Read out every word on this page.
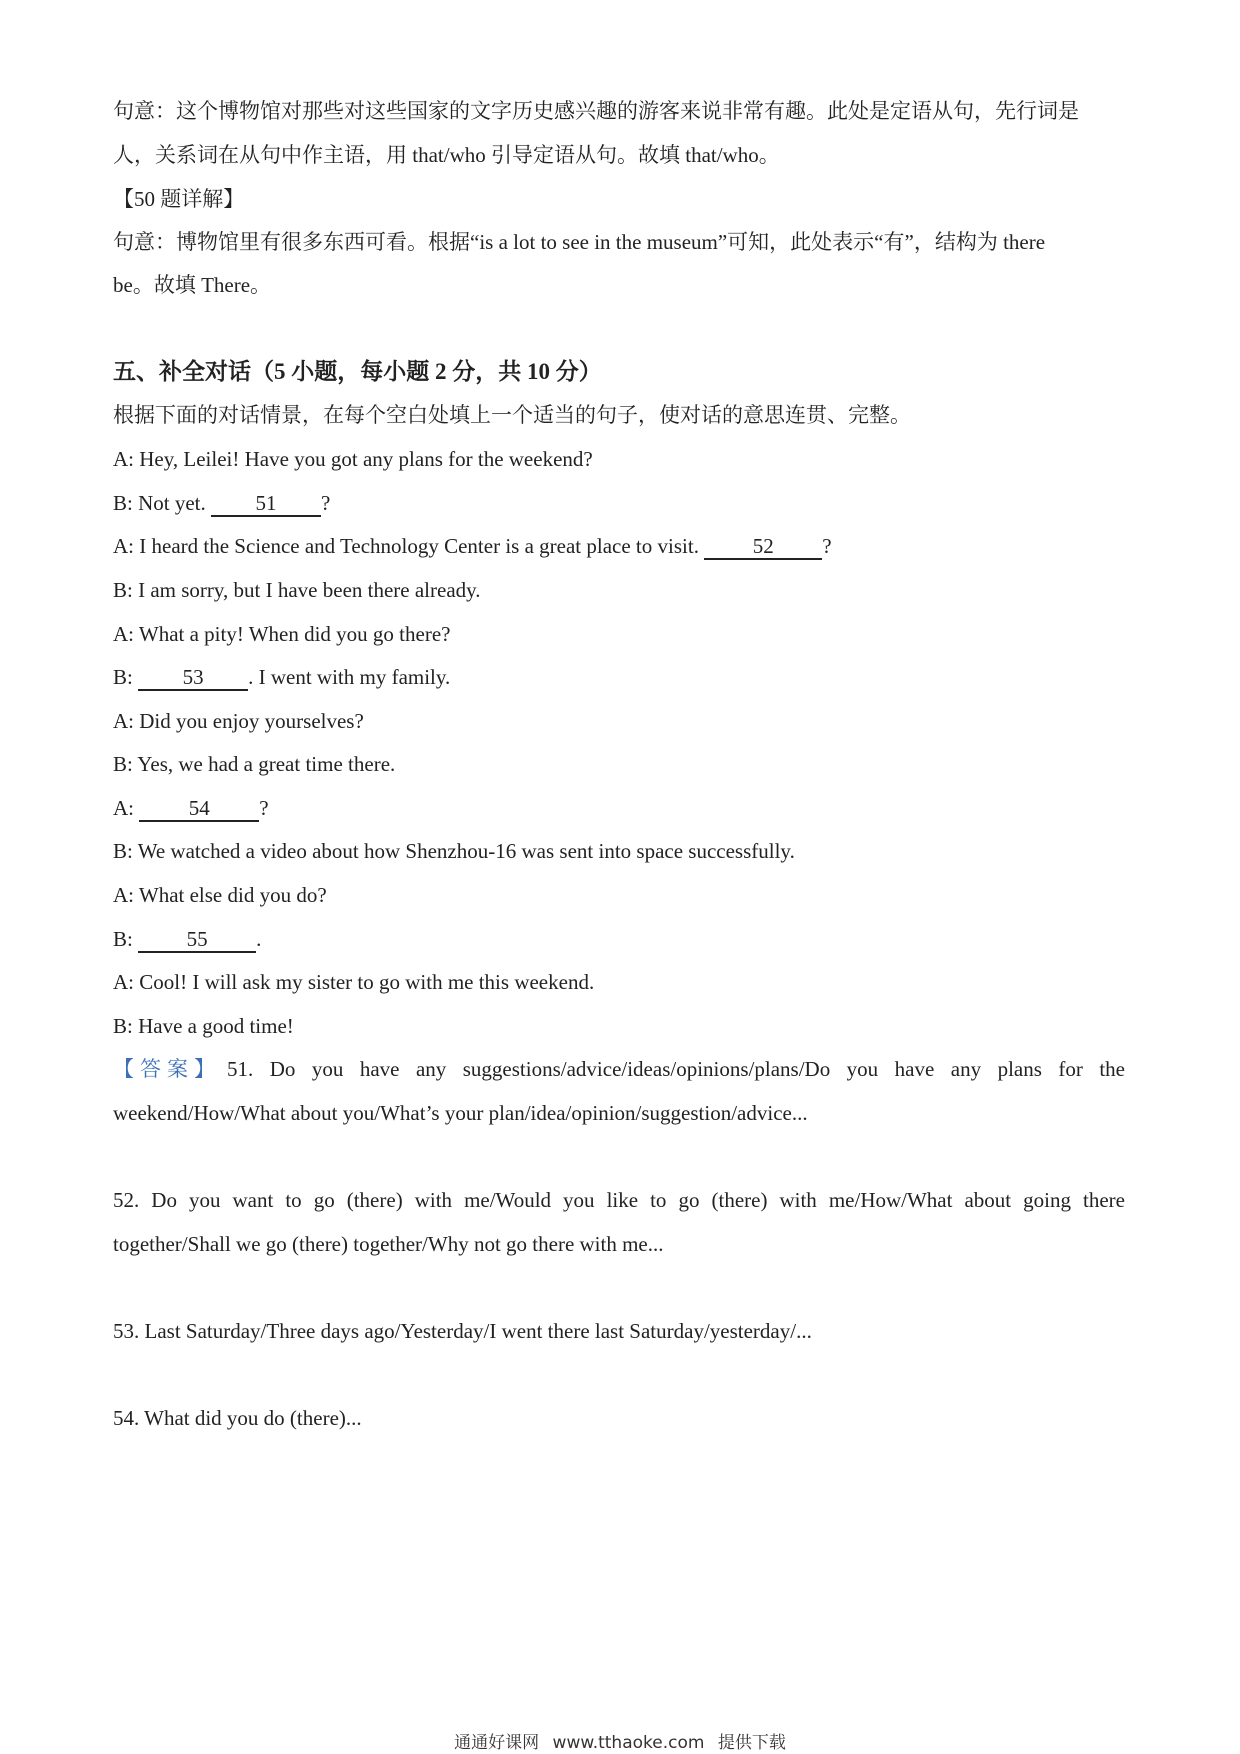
句意：这个博物馆对那些对这些国家的文字历史感兴趣的游客来说非常有趣。此处是定语从句，先行词是

人，关系词在从句中作主语，用 that/who 引导定语从句。故填 that/who。

【50 题详解】

句意：博物馆里有很多东西可看。根据“is a lot to see in the museum”可知，此处表示“有”，结构为 there

be。故填 There。

五、补全对话（5 小题，每小题 2 分，共 10 分）

根据下面的对话情景，在每个空白处填上一个适当的句子，使对话的意思连贯、完整。

A: Hey, Leilei! Have you got any plans for the weekend?

B: Not yet. 51 ?

A: I heard the Science and Technology Center is a great place to visit. 52 ?

B: I am sorry, but I have been there already.

A: What a pity! When did you go there?

B: 53 . I went with my family.

A: Did you enjoy yourselves?

B: Yes, we had a great time there.

A: 54 ?

B: We watched a video about how Shenzhou-16 was sent into space successfully.

A: What else did you do?

B: 55 .

A: Cool! I will ask my sister to go with me this weekend.

B: Have a good time!

【答案】 51. Do you have any suggestions/advice/ideas/opinions/plans/Do you have any plans for the

weekend/How/What about you/What’s your plan/idea/opinion/suggestion/advice...

52. Do you want to go (there) with me/Would you like to go (there) with me/How/What about going there

together/Shall we go (there) together/Why not go there with me...

53. Last Saturday/Three days ago/Yesterday/I went there last Saturday/yesterday/...

54. What did you do (there)...

通通好课网 www.tthaoke.com 提供下载
